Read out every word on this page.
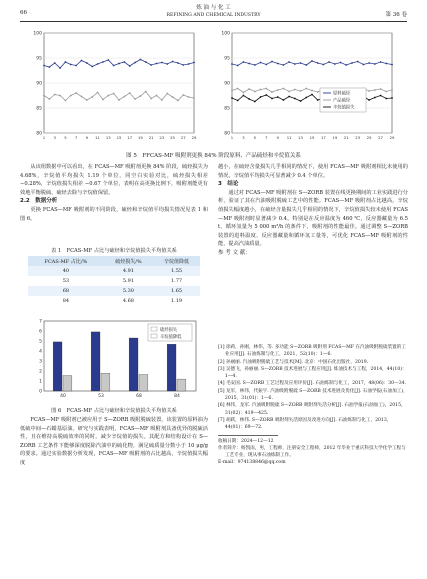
66
炼 油 与 化 工
REFINING AND CHEMICAL INDUSTRY	第 36 卷
80
85
90
95
100
1 3 5 7 9 11 13 15 17 19 21 23 25 27 29
80
85
90
95
100
1 3 5 7 9 11 13 15 17 19 21 23 25 27 29
原料硫烃
产品硫烃
辛烷值损失
图 5　FFCAS-MF 吸附剂更换 84% 阶段原料、产品硫烃和辛烷值关系

从该组数据中可以看出，在 FCAS—MF 吸附剂更换 84% 阶段，硫烃损失为 4.68%，辛烷值平均损失 1.19 个单位，同空白实验对比，硫烃损失相差 −0.28%，辛烷值损失相差 −0.67 个单位，表明在高更换比例下，吸附剂能更有效地平衡脱硫、硫烃去除与辛烷值保留。

2.2　数据分析

更换 FCAS—MF 吸附剂的不同阶段，硫烃和辛烷值平均损失情况见表 1 和图 6。

表 1　FCAS-MF 占比与硫烃和辛烷值损失平均值关系
FCAS-MF 占比/%	硫烃损失/%	辛烷值降低
40	4.91	1.55
53	5.91	1.77
68	5.30	1.65
84	4.68	1.19
0
1
2
3
4
5
6
7
40	53	68	84
硫烃损失
辛烷值降低
图 6　FCAS-MF 占比与硫烃和辛烷值损失平均值关系

FCAS—MF 吸附剂已被应用于 S—ZORB 吸附脱硫装置，该装置的原料油为低硫中间—石蜡基原油。研究与实践表明，FCAS—MF 吸附剂具备优异的脱硫活性，且在维持高脱硫效率的同时，减少辛烷值的损失。其配方和结构设计在 S—ZORB 工艺条件下能够深度脱除汽油中的硫化物，满足硫质量分数小于 10 μg/g 的要求。通过实验数据分析发现，FCAS—MF 吸附剂的占比越高，辛烷值损失幅度

越小，在硫烃含量损失几乎相同的情况下，使用 FCAS—MF 吸附剂相比未使用的情况，辛烷值平均损失可显著减少 0.4 个单位。

3　结论

通过对 FCAS—MF 吸附剂在 S—ZORB 装置在线更换期间的工业实践进行分析，验证了其在汽油吸附脱硫工艺中的性能。FCAS—MF 吸附剂占比越高，辛烷值损失幅度越小，在硫烃含量损失几乎相同的情况下，辛烷值损失较未使用 FCAS—MF 吸附剂时显著减少 0.4。特别是在反应温度为 460 ℃，反应器藏量为 6.5 t，循环氢量为 5 000 m³/h 的条件下，吸附剂的性能最佳。通过调整 S—ZORB 装置的进料温度、反应器藏量和循环氢工量等，可优化 FCAS—MF 吸附剂的性能，提高汽油质量。

参 考 文 献：

[1] 徐莉，孙刚，林伟，等. 多功能 S—ZORB 吸附剂 FCAS—MF 在汽油吸附脱硫装置的工业应用[J]. 石油炼制与化工，2021，52(10)：1—6.
[2] 孙丽丽. 汽油吸附脱硫工艺与技术[M]. 北京：中国石化出版社，2019.
[3] 吴德飞，孙丽丽. S—ZORB 技术进展与工程应用[J]. 炼油技术与工程，2014，44(10)：1—4.
[4] 毛安国. S—ZORB 工艺过程及应用评价[J]. 石油炼制与化工，2017，48(06)：30—34.
[5] 龙军，林伟，代振宇. 汽油吸附脱硫 S—ZORB 技术进展及优化[J]. 石油学报(石油加工)，2015，31(01)：1—6.
[6] 林伟，龙军. 汽油吸附脱硫 S—ZORB 吸附剂失活分析[J]. 石油学报(石油加工)，2015，31(02)：419—425.
[7] 胡跃，林伟. S—ZORB 吸附剂失活原因及改进方向[J]. 石油炼制与化工，2013，44(01)：69—72.
收稿日期：2024—12—12
作者简介：杨凯雨，男，工程师，注册安全工程师，2012 年毕业于重庆科技大学化学工程与工艺专业，现从事石油炼制工作。
E-mail：974138846@qq.com
